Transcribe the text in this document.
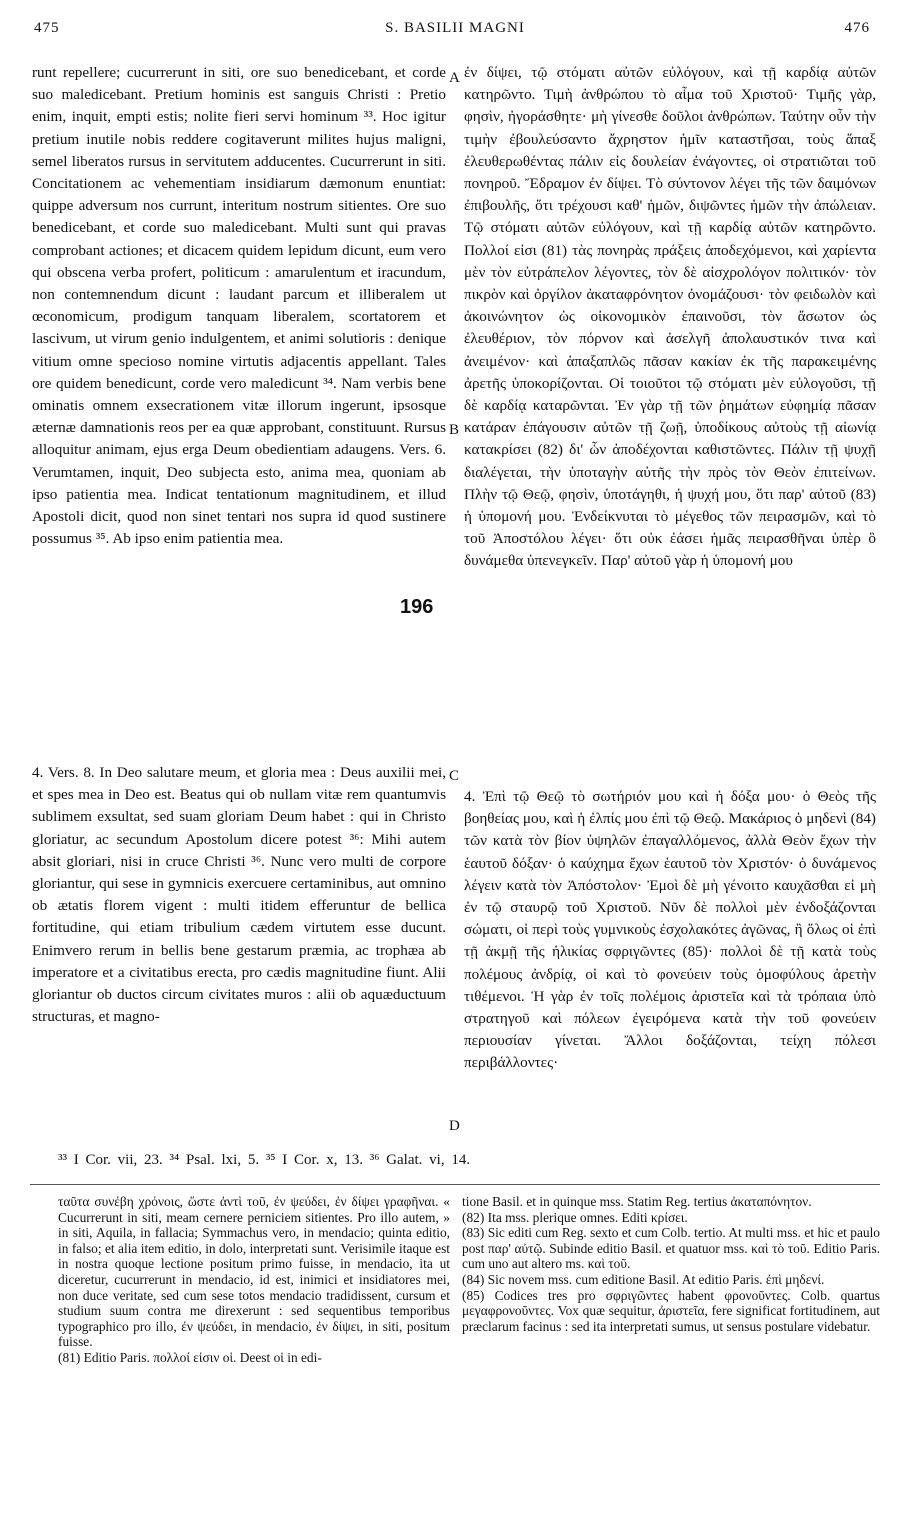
475	S. BASILII MAGNI	476

runt repellere; cucurrerunt in siti, ore suo benedicebant, et corde suo maledicebant. Pretium hominis est sanguis Christi : Pretio enim, inquit, empti estis; nolite fieri servi hominum ³³. Hoc igitur pretium inutile nobis reddere cogitaverunt milites hujus maligni, semel liberatos rursus in servitutem adducentes. Cucurrerunt in siti. Concitationem ac vehementiam insidiarum dæmonum enuntiat: quippe adversum nos currunt, interitum nostrum sitientes. Ore suo benedicebant, et corde suo maledicebant. Multi sunt qui pravas comprobant actiones; et dicacem quidem lepidum dicunt, eum vero qui obscena verba profert, politicum : amarulentum et iracundum, non contemnendum dicunt : laudant parcum et illiberalem ut œconomicum, prodigum tanquam liberalem, scortatorem et lascivum, ut virum genio indulgentem, et animi solutioris : denique vitium omne specioso nomine virtutis adjacentis appellant. Tales ore quidem benedicunt, corde vero maledicunt ³⁴. Nam verbis bene ominatis omnem exsecrationem vitæ illorum ingerunt, ipsosque æternæ damnationis reos per ea quæ approbant, constituunt. Rursus alloquitur animam, ejus erga Deum obedientiam adaugens. Vers. 6. Verumtamen, inquit, Deo subjecta esto, anima mea, quoniam ab ipso patientia mea. Indicat tentationum magnitudinem, et illud Apostoli dicit, quod non sinet tentari nos supra id quod sustinere possumus ³⁵. Ab ipso enim patientia mea.

4. Vers. 8. In Deo salutare meum, et gloria mea : Deus auxilii mei, et spes mea in Deo est. Beatus qui ob nullam vitæ rem quantumvis sublimem exsultat, sed suam gloriam Deum habet : qui in Christo gloriatur, ac secundum Apostolum dicere potest ³⁶: Mihi autem absit gloriari, nisi in cruce Christi ³⁶. Nunc vero multi de corpore gloriantur, qui sese in gymnicis exercuere certaminibus, aut omnino ob ætatis florem vigent : multi itidem efferuntur de bellica fortitudine, qui etiam tribulium cædem virtutem esse ducunt. Enimvero rerum in bellis bene gestarum præmia, ac trophæa ab imperatore et a civitatibus erecta, pro cædis magnitudine fiunt. Alii gloriantur ob ductos circum civitates muros : alii ob aquæductuum structuras, et magno-

ἐν δίψει, τῷ στόματι αὐτῶν εὐλόγουν, καὶ τῇ καρδίᾳ αὐτῶν κατηρῶντο. Τιμὴ ἀνθρώπου τὸ αἷμα τοῦ Χριστοῦ· Τιμῆς γὰρ, φησὶν, ἠγοράσθητε· μὴ γίνεσθε δοῦλοι ἀνθρώπων. Ταύτην οὖν τὴν τιμὴν ἐβουλεύσαντο ἄχρηστον ἡμῖν καταστῆσαι, τοὺς ἅπαξ ἐλευθερωθέντας πάλιν εἰς δουλείαν ἐνάγοντες, οἱ στρατιῶται τοῦ πονηροῦ. Ἔδραμον ἐν δίψει. Τὸ σύντονον λέγει τῆς τῶν δαιμόνων ἐπιβουλῆς, ὅτι τρέχουσι καθ' ἡμῶν, διψῶντες ἡμῶν τὴν ἀπώλειαν. Τῷ στόματι αὐτῶν εὐλόγουν, καὶ τῇ καρδίᾳ αὐτῶν κατηρῶντο. Πολλοί εἰσι (81) τὰς πονηρὰς πράξεις ἀποδεχόμενοι, καὶ χαρίεντα μὲν τὸν εὐτράπελον λέγοντες, τὸν δὲ αἰσχρολόγον πολιτικόν· τὸν πικρὸν καὶ ὀργίλον ἀκαταφρόνητον ὀνομάζουσι· τὸν φειδωλὸν καὶ ἀκοινώνητον ὡς οἰκονομικὸν ἐπαινοῦσι, τὸν ἄσωτον ὡς ἐλευθέριον, τὸν πόρνον καὶ ἀσελγῆ ἀπολαυστικόν τινα καὶ ἀνειμένον· καὶ ἁπαξαπλῶς πᾶσαν κακίαν ἐκ τῆς παρακειμένης ἀρετῆς ὑποκορίζονται. Οἱ τοιοῦτοι τῷ στόματι μὲν εὐλογοῦσι, τῇ δὲ καρδίᾳ καταρῶνται. Ἐν γὰρ τῇ τῶν ῥημάτων εὐφημίᾳ πᾶσαν κατάραν ἐπάγουσιν αὐτῶν τῇ ζωῇ, ὑποδίκους αὐτοὺς τῇ αἰωνίᾳ κατακρίσει (82) δι' ὧν ἀποδέχονται καθιστῶντες. Πάλιν τῇ ψυχῇ διαλέγεται, τὴν ὑποταγὴν αὐτῆς τὴν πρὸς τὸν Θεὸν ἐπιτείνων. Πλὴν τῷ Θεῷ, φησὶν, ὑποτάγηθι, ἡ ψυχή μου, ὅτι παρ' αὐτοῦ (83) ἡ ὑπομονή μου. Ἐνδείκνυται τὸ μέγεθος τῶν πειρασμῶν, καὶ τὸ τοῦ Ἀποστόλου λέγει· ὅτι οὐκ ἐάσει ἡμᾶς πειρασθῆναι ὑπὲρ ὃ δυνάμεθα ὑπενεγκεῖν. Παρ' αὐτοῦ γὰρ ἡ ὑπομονή μου

4. Ἐπὶ τῷ Θεῷ τὸ σωτήριόν μου καὶ ἡ δόξα μου· ὁ Θεὸς τῆς βοηθείας μου, καὶ ἡ ἐλπίς μου ἐπὶ τῷ Θεῷ. Μακάριος ὁ μηδενὶ (84) τῶν κατὰ τὸν βίον ὑψηλῶν ἐπαγαλλόμενος, ἀλλὰ Θεὸν ἔχων τὴν ἑαυτοῦ δόξαν· ὁ καύχημα ἔχων ἑαυτοῦ τὸν Χριστόν· ὁ δυνάμενος λέγειν κατὰ τὸν Ἀπόστολον· Ἐμοὶ δὲ μὴ γένοιτο καυχᾶσθαι εἰ μὴ ἐν τῷ σταυρῷ τοῦ Χριστοῦ. Νῦν δὲ πολλοὶ μὲν ἐνδοξάζονται σώματι, οἱ περὶ τοὺς γυμνικοὺς ἐσχολακότες ἀγῶνας, ἢ ὅλως οἱ ἐπὶ τῇ ἀκμῇ τῆς ἡλικίας σφριγῶντες (85)· πολλοὶ δὲ τῇ κατὰ τοὺς πολέμους ἀνδρίᾳ, οἱ καὶ τὸ φονεύειν τοὺς ὁμοφύλους ἀρετὴν τιθέμενοι. Ἡ γὰρ ἐν τοῖς πολέμοις ἀριστεῖα καὶ τὰ τρόπαια ὑπὸ στρατηγοῦ καὶ πόλεων ἐγειρόμενα κατὰ τὴν τοῦ φονεύειν περιουσίαν γίνεται. Ἄλλοι δοξάζονται, τείχη πόλεσι περιβάλλοντες·

A
B
C
D
196
³³ I Cor. vii, 23. ³⁴ Psal. lxi, 5. ³⁵ I Cor. x, 13. ³⁶ Galat. vi, 14.

ταῦτα συνέβη χρόνοις, ὥστε ἀντὶ τοῦ, ἐν ψεύδει, ἐν δίψει γραφῆναι. « Cucurrerunt in siti, meam cernere perniciem sitientes. Pro illo autem, » in siti, Aquila, in fallacia; Symmachus vero, in mendacio; quinta editio, in falso; et alia item editio, in dolo, interpretati sunt. Verisimile itaque est in nostra quoque lectione positum primo fuisse, in mendacio, ita ut diceretur, cucurrerunt in mendacio, id est, inimici et insidiatores mei, non duce veritate, sed cum sese totos mendacio tradidissent, cursum et studium suum contra me direxerunt : sed sequentibus temporibus typographico pro illo, ἐν ψεύδει, in mendacio, ἐν δίψει, in siti, positum fuisse.

(81) Editio Paris. πολλοί εἰσιν οἱ. Deest οἱ in edi-

tione Basil. et in quinque mss. Statim Reg. tertius ἀκαταπόνητον.

(82) Ita mss. plerique omnes. Editi κρίσει.

(83) Sic editi cum Reg. sexto et cum Colb. tertio. At multi mss. et hic et paulo post παρ' αὐτῷ. Subinde editio Basil. et quatuor mss. καὶ τὸ τοῦ. Editio Paris. cum uno aut altero ms. καὶ τοῦ.

(84) Sic novem mss. cum editione Basil. At editio Paris. ἐπὶ μηδενί.

(85) Codices tres pro σφριγῶντες habent φρονοῦντες. Colb. quartus μεγαφρονοῦντες. Vox quæ sequitur, ἀριστεῖα, fere significat fortitudinem, aut præclarum facinus : sed ita interpretati sumus, ut sensus postulare videbatur.
